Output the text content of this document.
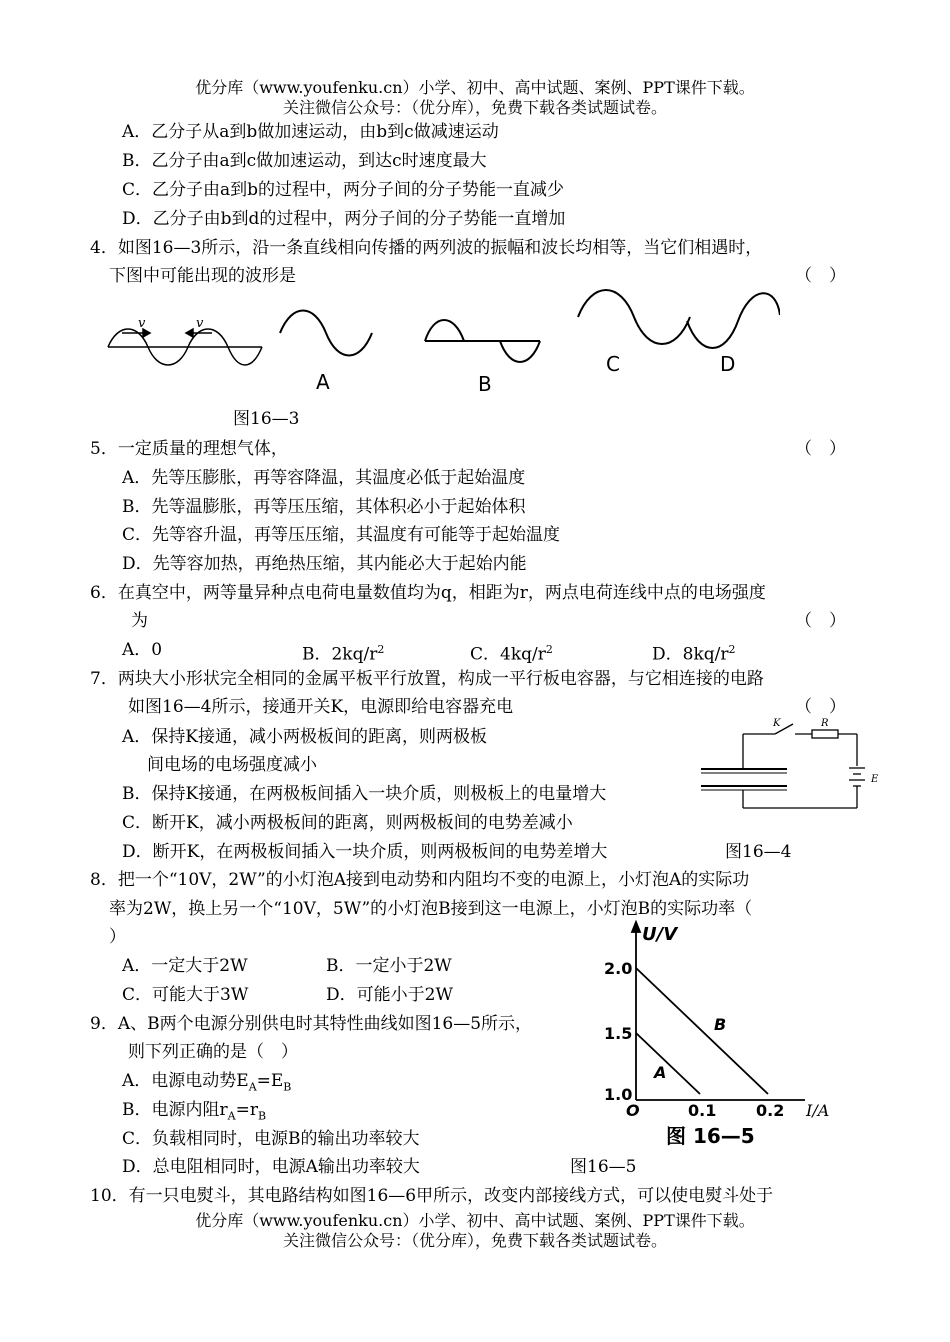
优分库（www.youfenku.cn）小学、初中、高中试题、案例、PPT课件下载。
关注微信公众号：（优分库），免费下载各类试题试卷。
A．乙分子从a到b做加速运动，由b到c做减速运动
B．乙分子由a到c做加速运动，到达c时速度最大
C．乙分子由a到b的过程中，两分子间的分子势能一直减少
D．乙分子由b到d的过程中，两分子间的分子势能一直增加
4．如图16—3所示，沿一条直线相向传播的两列波的振幅和波长均相等，当它们相遇时，
下图中可能出现的波形是	（　）
v	v
A	B
C	D
图16—3
5．一定质量的理想气体，	（　）
A．先等压膨胀，再等容降温，其温度必低于起始温度
B．先等温膨胀，再等压压缩，其体积必小于起始体积
C．先等容升温，再等压压缩，其温度有可能等于起始温度
D．先等容加热，再绝热压缩，其内能必大于起始内能
6．在真空中，两等量异种点电荷电量数值均为q，相距为r，两点电荷连线中点的电场强度
为	（　）
A．0	B．$2kq/r^2$	C．$4kq/r^2$	D．$8kq/r^2$
7．两块大小形状完全相同的金属平板平行放置，构成一平行板电容器，与它相连接的电路
如图16—4所示，接通开关K，电源即给电容器充电	（　）
A．保持K接通，减小两极板间的距离，则两极板
间电场的电场强度减小
B．保持K接通，在两极板间插入一块介质，则极板上的电量增大
C．断开K，减小两极板间的距离，则两极板间的电势差减小
D．断开K，在两极板间插入一块介质，则两极板间的电势差增大	图16—4
K	R
E
8．把一个“10V，2W”的小灯泡A接到电动势和内阻均不变的电源上，小灯泡A的实际功
率为2W，换上另一个“10V，5W”的小灯泡B接到这一电源上，小灯泡B的实际功率（
）
A．一定大于2W	B．一定小于2W
C．可能大于3W	D．可能小于2W
9．A、B两个电源分别供电时其特性曲线如图16—5所示，
则下列正确的是（　）
A．电源电动势$E_A=E_B$
B．电源内阻$r_A=r_B$
C．负载相同时，电源B的输出功率较大
D．总电阻相同时，电源A输出功率较大	图16—5
U/V
2.0
1.5
1.0
O	0.1 0.2 I/A
A
B
图 16—5
10．有一只电熨斗，其电路结构如图16—6甲所示，改变内部接线方式，可以使电熨斗处于
优分库（www.youfenku.cn）小学、初中、高中试题、案例、PPT课件下载。
关注微信公众号：（优分库），免费下载各类试题试卷。
